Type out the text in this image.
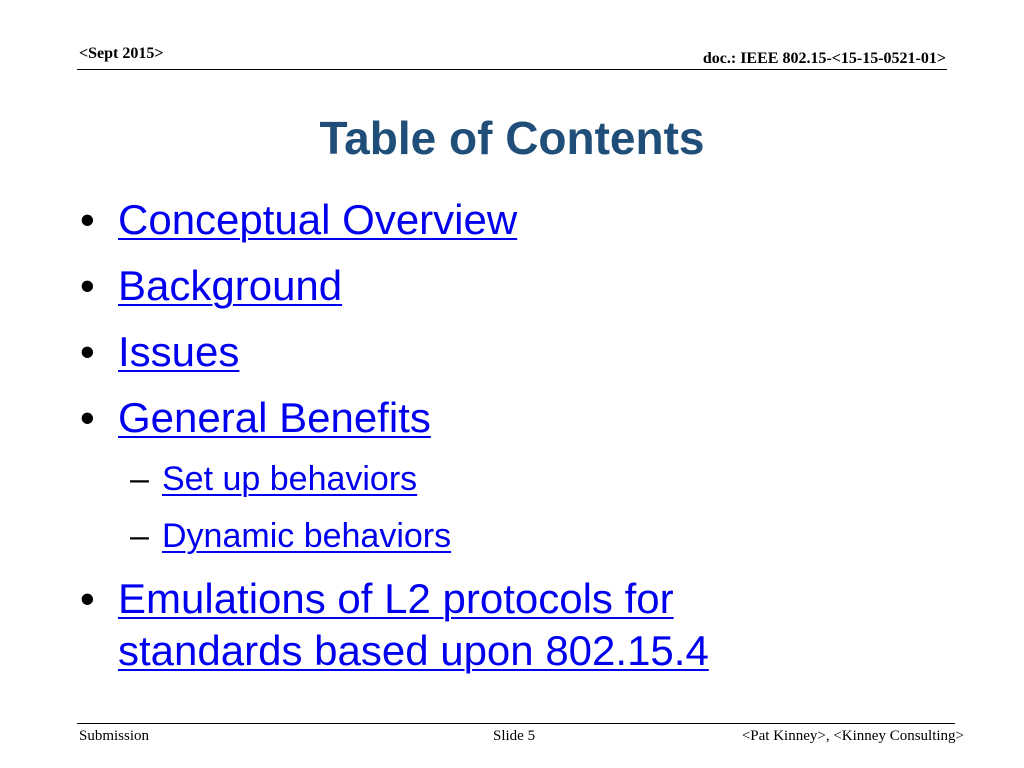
<Sept 2015>	doc.: IEEE 802.15-<15-15-0521-01>
Table of Contents
• Conceptual Overview
• Background
• Issues
• General Benefits
– Set up behaviors
– Dynamic behaviors
• Emulations of L2 protocols for standards based upon 802.15.4
Submission	Slide 5	<Pat Kinney>, <Kinney Consulting>
